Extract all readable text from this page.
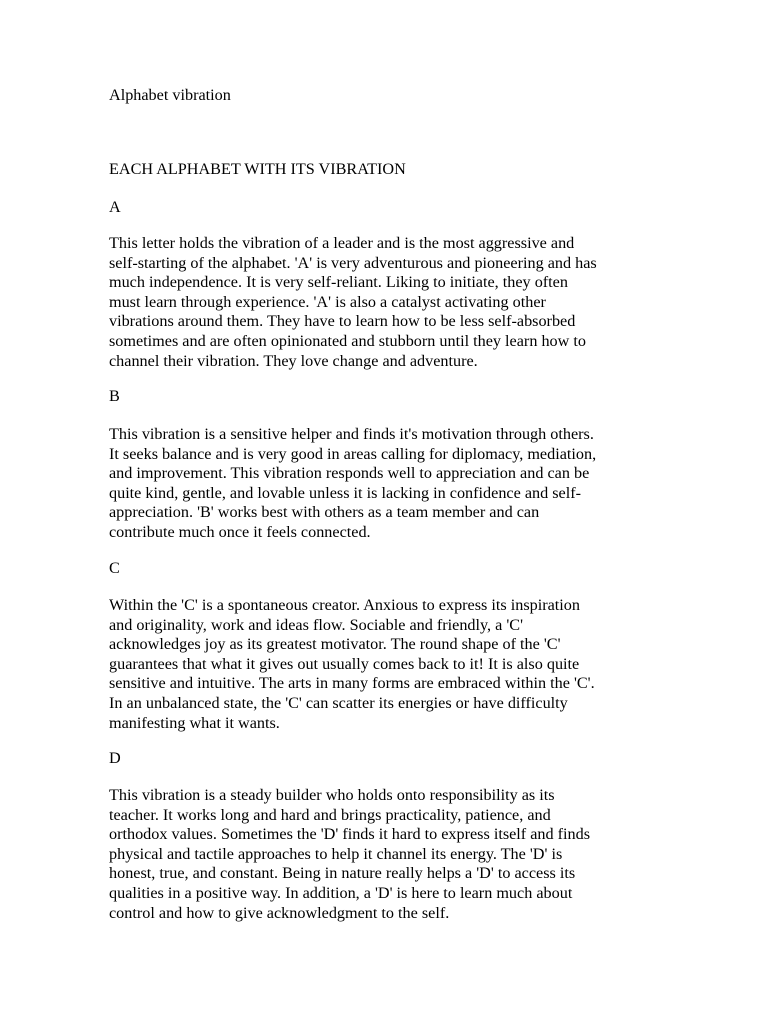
Alphabet vibration

EACH ALPHABET WITH ITS VIBRATION

A

This letter holds the vibration of a leader and is the most aggressive and
self-starting of the alphabet. 'A' is very adventurous and pioneering and has
much independence. It is very self-reliant. Liking to initiate, they often
must learn through experience. 'A' is also a catalyst activating other
vibrations around them. They have to learn how to be less self-absorbed
sometimes and are often opinionated and stubborn until they learn how to
channel their vibration. They love change and adventure.

B

This vibration is a sensitive helper and finds it's motivation through others.
It seeks balance and is very good in areas calling for diplomacy, mediation,
and improvement. This vibration responds well to appreciation and can be
quite kind, gentle, and lovable unless it is lacking in confidence and self-
appreciation. 'B' works best with others as a team member and can
contribute much once it feels connected.

C

Within the 'C' is a spontaneous creator. Anxious to express its inspiration
and originality, work and ideas flow. Sociable and friendly, a 'C'
acknowledges joy as its greatest motivator. The round shape of the 'C'
guarantees that what it gives out usually comes back to it! It is also quite
sensitive and intuitive. The arts in many forms are embraced within the 'C'.
In an unbalanced state, the 'C' can scatter its energies or have difficulty
manifesting what it wants.

D

This vibration is a steady builder who holds onto responsibility as its
teacher. It works long and hard and brings practicality, patience, and
orthodox values. Sometimes the 'D' finds it hard to express itself and finds
physical and tactile approaches to help it channel its energy. The 'D' is
honest, true, and constant. Being in nature really helps a 'D' to access its
qualities in a positive way. In addition, a 'D' is here to learn much about
control and how to give acknowledgment to the self.
